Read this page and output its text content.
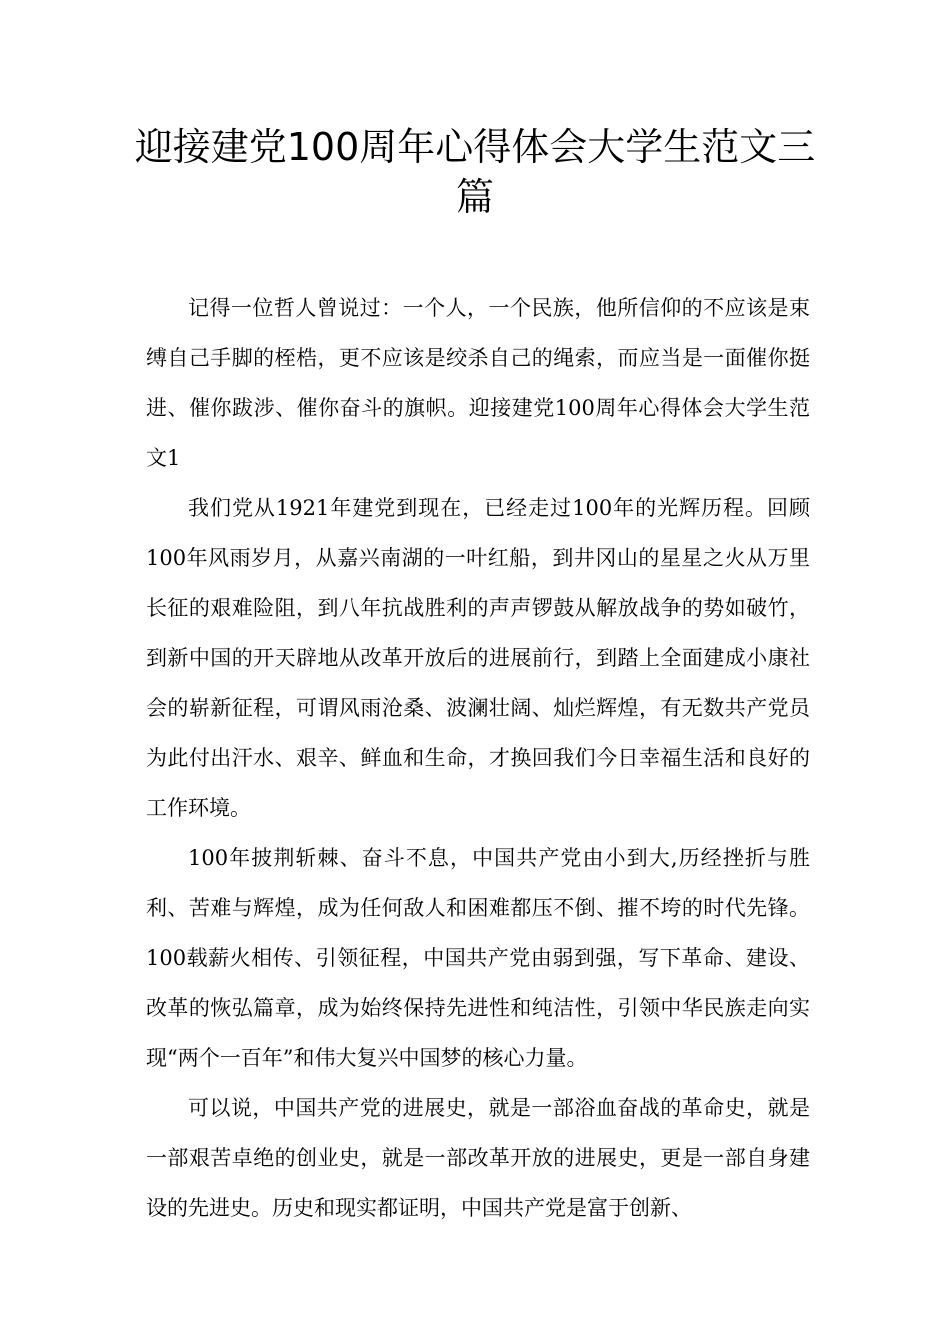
迎接建党100周年心得体会大学生范文三篇

记得一位哲人曾说过：一个人，一个民族，他所信仰的不应该是束缚自己手脚的桎梏，更不应该是绞杀自己的绳索，而应当是一面催你挺进、催你跋涉、催你奋斗的旗帜。迎接建党100周年心得体会大学生范文1

我们党从1921年建党到现在，已经走过100年的光辉历程。回顾100年风雨岁月，从嘉兴南湖的一叶红船，到井冈山的星星之火从万里长征的艰难险阻，到八年抗战胜利的声声锣鼓从解放战争的势如破竹，到新中国的开天辟地从改革开放后的进展前行，到踏上全面建成小康社会的崭新征程，可谓风雨沧桑、波澜壮阔、灿烂辉煌，有无数共产党员为此付出汗水、艰辛、鲜血和生命，才换回我们今日幸福生活和良好的工作环境。

100年披荆斩棘、奋斗不息，中国共产党由小到大,历经挫折与胜利、苦难与辉煌，成为任何敌人和困难都压不倒、摧不垮的时代先锋。100载薪火相传、引领征程，中国共产党由弱到强，写下革命、建设、改革的恢弘篇章，成为始终保持先进性和纯洁性，引领中华民族走向实现“两个一百年”和伟大复兴中国梦的核心力量。

可以说，中国共产党的进展史，就是一部浴血奋战的革命史，就是一部艰苦卓绝的创业史，就是一部改革开放的进展史，更是一部自身建设的先进史。历史和现实都证明，中国共产党是富于创新、
